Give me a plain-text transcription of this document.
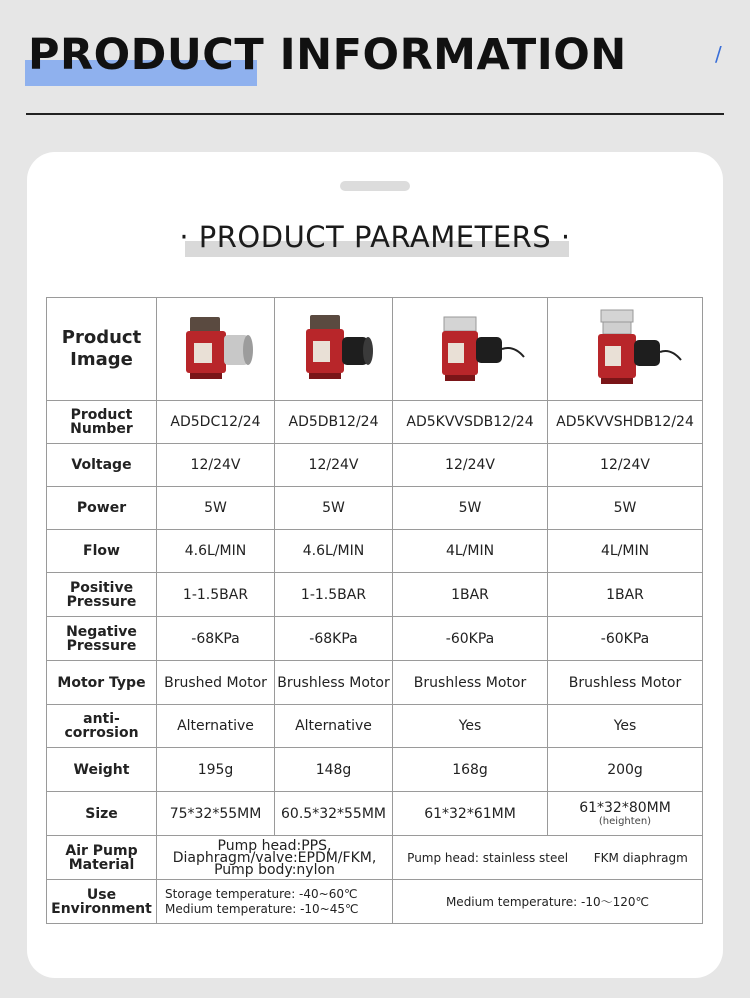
PRODUCT INFORMATION	/
· PRODUCT PARAMETERS ·
Product Image	

Product Number	AD5DC12/24	AD5DB12/24	AD5KVVSDB12/24	AD5KVVSHDB12/24
Voltage	12/24V	12/24V	12/24V	12/24V
Power	5W	5W	5W	5W
Flow	4.6L/MIN	4.6L/MIN	4L/MIN	4L/MIN
Positive Pressure	1-1.5BAR	1-1.5BAR	1BAR	1BAR
Negative Pressure	-68KPa	-68KPa	-60KPa	-60KPa
Motor Type	Brushed Motor	Brushless Motor	Brushless Motor	Brushless Motor
anti-corrosion	Alternative	Alternative	Yes	Yes
Weight	195g	148g	168g	200g
Size	75*32*55MM	60.5*32*55MM	61*32*61MM	61*32*80MM
(heighten)

Air Pump Material	Pump head:PPS, Diaphragm/valve:EPDM/FKM, Pump body:nylon		Pump head: stainless steel FKM diaphragm	
Use Environment	Storage temperature: -40~60℃
Medium temperature: -10~45℃		Medium temperature: -10〜120℃	
